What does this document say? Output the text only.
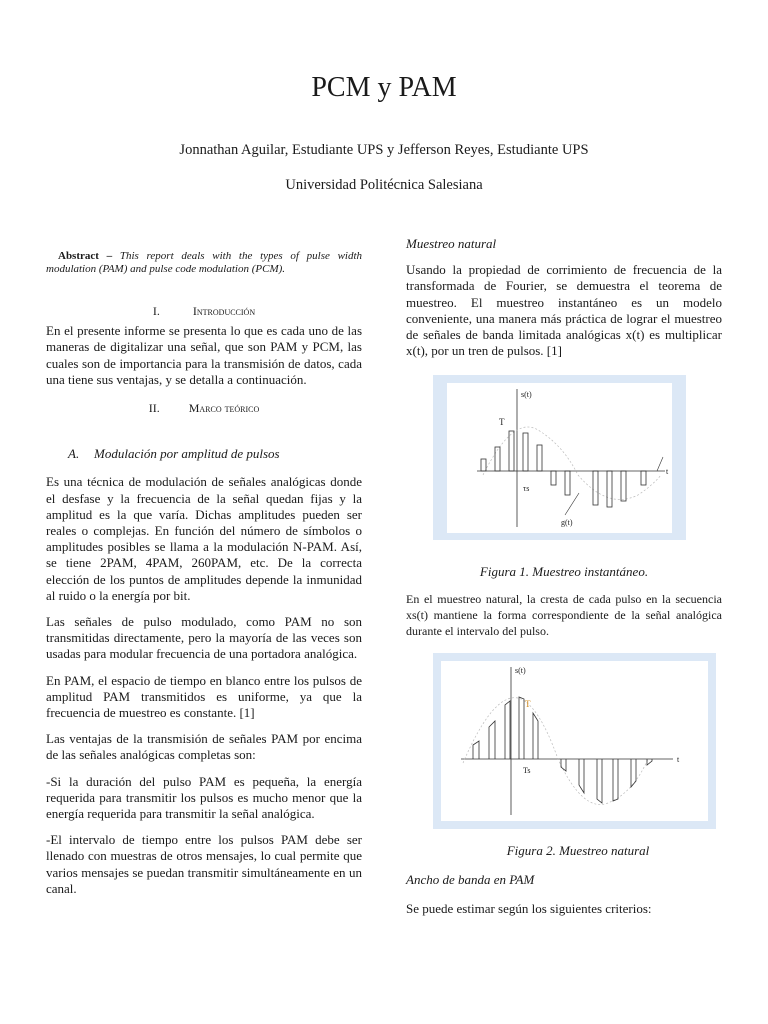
PCM y PAM
Jonnathan Aguilar, Estudiante UPS y Jefferson Reyes, Estudiante UPS
Universidad Politécnica Salesiana

Abstract – This report deals with the types of pulse width modulation (PAM) and pulse code modulation (PCM).

I.	Introducción

En el presente informe se presenta lo que es cada uno de las maneras de digitalizar una señal, que son PAM y PCM, las cuales son de importancia para la transmisión de datos, cada una tiene sus ventajas, y se detalla a continuación.

II. Marco teórico
A. Modulación por amplitud de pulsos

Es una técnica de modulación de señales analógicas donde el desfase y la frecuencia de la señal quedan fijas y la amplitud es la que varía. Dichas amplitudes pueden ser reales o complejas. En función del número de símbolos o amplitudes posibles se llama a la modulación N-PAM. Así, se tiene 2PAM, 4PAM, 260PAM, etc. De la correcta elección de los puntos de amplitudes depende la inmunidad al ruido o la energía por bit.

Las señales de pulso modulado, como PAM no son transmitidas directamente, pero la mayoría de las veces son usadas para modular frecuencia de una portadora analógica.

En PAM, el espacio de tiempo en blanco entre los pulsos de amplitud PAM transmitidos es uniforme, ya que la frecuencia de muestreo es constante. [1]

Las ventajas de la transmisión de señales PAM por encima de las señales analógicas completas son:

-Si la duración del pulso PAM es pequeña, la energía requerida para transmitir los pulsos es mucho menor que la energía requerida para transmitir la señal analógica.

-El intervalo de tiempo entre los pulsos PAM debe ser llenado con muestras de otros mensajes, lo cual permite que varios mensajes se puedan transmitir simultáneamente en un canal.

Muestreo natural

Usando la propiedad de corrimiento de frecuencia de la transformada de Fourier, se demuestra el teorema de muestreo. El muestreo instantáneo es un modelo conveniente, una manera más práctica de lograr el muestreo de señales de banda limitada analógicas x(t) es multiplicar x(t), por un tren de pulsos. [1]

s(t)
T
τs
g(t)
t
Figura 1. Muestreo instantáneo.

En el muestreo natural, la cresta de cada pulso en la secuencia xs(t) mantiene la forma correspondiente de la señal analógica durante el intervalo del pulso.

s(t)
T
Ts
t
Figura 2. Muestreo natural
Ancho de banda en PAM

Se puede estimar según los siguientes criterios:
